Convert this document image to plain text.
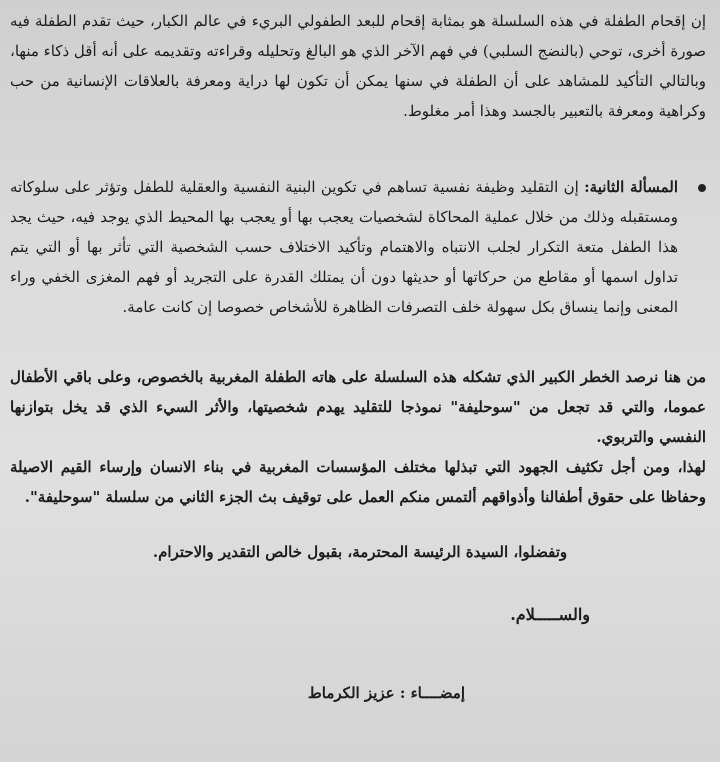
إن إقحام الطفلة في هذه السلسلة هو بمثابة إقحام للبعد الطفولي البريء في عالم الكبار، حيث تقدم الطفلة فيه صورة أخرى، توحي (بالنضج السلبي) في فهم الآخر الذي هو البالغ وتحليله وقراءته وتقديمه على أنه أقل ذكاء منها، وبالتالي التأكيد للمشاهد على أن الطفلة في سنها يمكن أن تكون لها دراية ومعرفة بالعلاقات الإنسانية من حب وكراهية ومعرفة بالتعبير بالجسد وهذا أمر مغلوط.

المسألة الثانية: إن التقليد وظيفة نفسية تساهم في تكوين البنية النفسية والعقلية للطفل وتؤثر على سلوكاته ومستقبله وذلك من خلال عملية المحاكاة لشخصيات يعجب بها أو يعجب بها المحيط الذي يوجد فيه، حيث يجد هذا الطفل متعة التكرار لجلب الانتباه والاهتمام وتأكيد الاختلاف حسب الشخصية التي تأثر بها أو التي يتم تداول اسمها أو مقاطع من حركاتها أو حديثها دون أن يمتلك القدرة على التجريد أو فهم المغزى الخفي وراء المعنى وإنما ينساق بكل سهولة خلف التصرفات الظاهرة للأشخاص خصوصا إن كانت عامة.

من هنا نرصد الخطر الكبير الذي تشكله هذه السلسلة على هاته الطفلة المغربية بالخصوص، وعلى باقي الأطفال عموما، والتي قد تجعل من "سوحليفة" نموذجا للتقليد يهدم شخصيتها، والأثر السيء الذي قد يخل بتوازنها النفسي والتربوي.

لهذا، ومن أجل تكثيف الجهود التي تبذلها مختلف المؤسسات المغربية في بناء الانسان وإرساء القيم الاصيلة وحفاظا على حقوق أطفالنا وأذواقهم ألتمس منكم العمل على توقيف بث الجزء الثاني من سلسلة "سوحليفة".

وتفضلوا، السيدة الرئيسة المحترمة، بقبول خالص التقدير والاحترام.
والســـــلام.
إمضــــاء : عزيز الكرماط
